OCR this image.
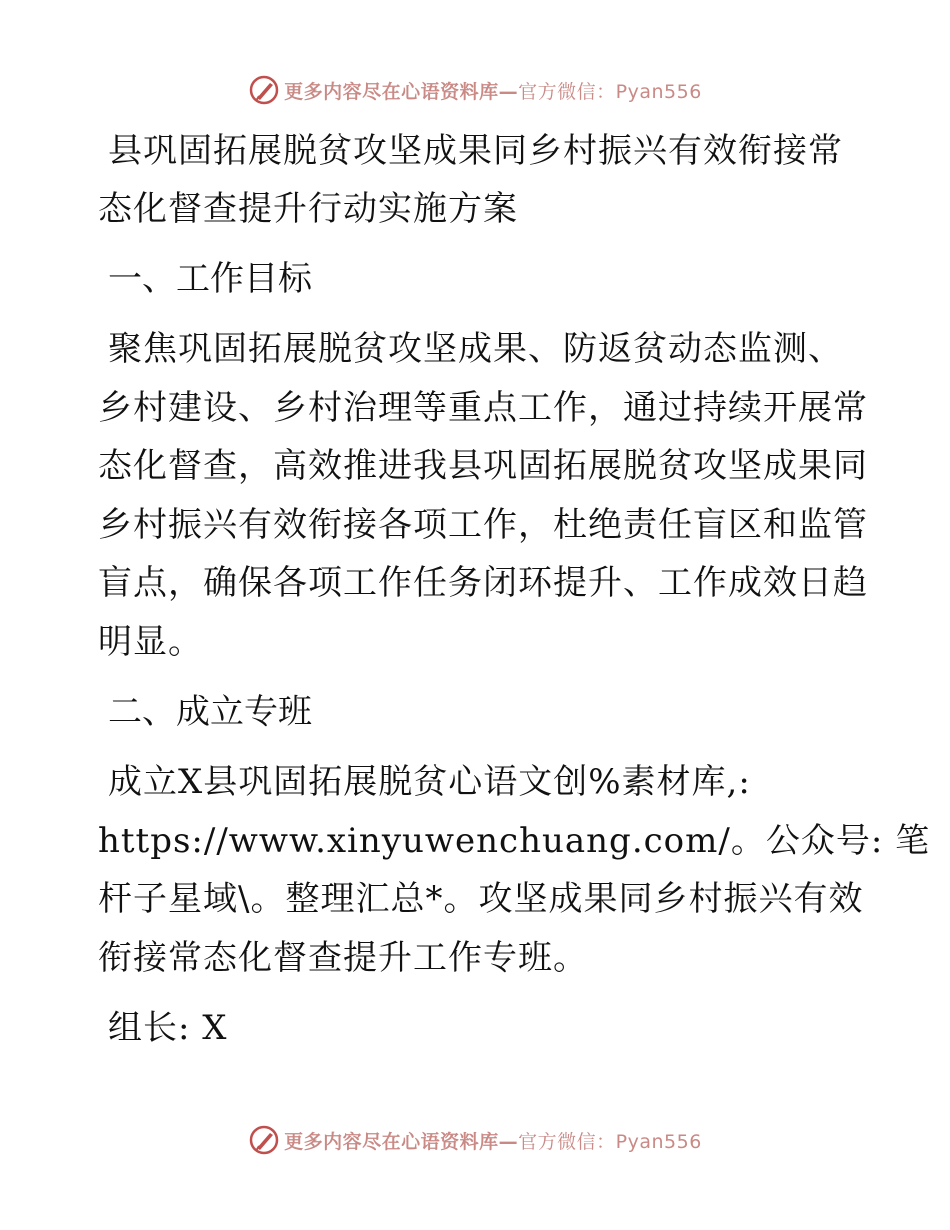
更多内容尽在心语资料库—官方微信：Pyan556
县巩固拓展脱贫攻坚成果同乡村振兴有效衔接常
态化督查提升行动实施方案
一、工作目标

聚焦巩固拓展脱贫攻坚成果、防返贫动态监测、
乡村建设、乡村治理等重点工作，通过持续开展常
态化督查，高效推进我县巩固拓展脱贫攻坚成果同
乡村振兴有效衔接各项工作，杜绝责任盲区和监管
盲点，确保各项工作任务闭环提升、工作成效日趋
明显。

二、成立专班

成立X县巩固拓展脱贫心语文创%素材库,:
https://www.xinyuwenchuang.com/。公众号: 笔
杆子星域\。整理汇总*。攻坚成果同乡村振兴有效
衔接常态化督查提升工作专班。

组长: X

更多内容尽在心语资料库—官方微信：Pyan556
